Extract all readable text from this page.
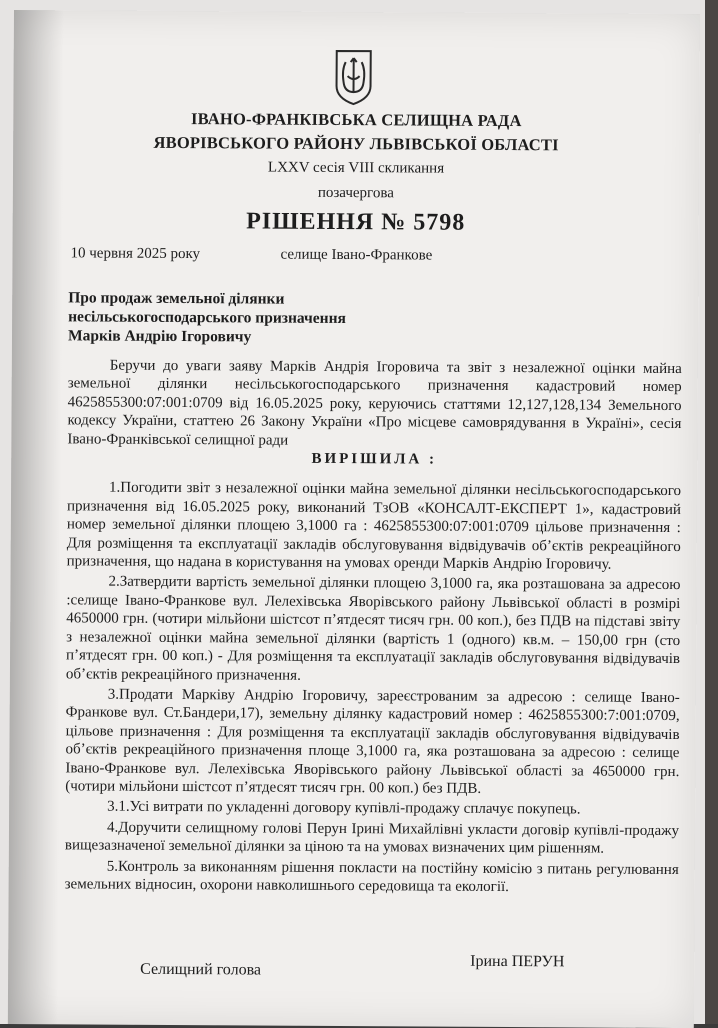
ІВАНО-ФРАНКІВСЬКА СЕЛИЩНА РАДА
ЯВОРІВСЬКОГО РАЙОНУ ЛЬВІВСЬКОЇ ОБЛАСТІ
LXXV сесія VIII скликання
позачергова
РІШЕННЯ № 5798
10 червня 2025 року	селище Івано-Франкове
Про продаж земельної ділянки
несільськогосподарського призначення
Марків Андрію Ігоровичу

Беручи до уваги заяву Марків Андрія Ігоровича та звіт з незалежної оцінки майна земельної ділянки несільськогосподарського призначення кадастровий номер 4625855300:07:001:0709 від 16.05.2025 року, керуючись статтями 12,127,128,134 Земельного кодексу України, статтею 26 Закону України «Про місцеве самоврядування в Україні», сесія Івано-Франківської селищної ради

ВИРІШИЛА :

1.Погодити звіт з незалежної оцінки майна земельної ділянки несільськогосподарського призначення від 16.05.2025 року, виконаний ТзОВ «КОНСАЛТ-ЕКСПЕРТ 1», кадастровий номер земельної ділянки площею 3,1000 га : 4625855300:07:001:0709 цільове призначення : Для розміщення та експлуатації закладів обслуговування відвідувачів об’єктів рекреаційного призначення, що надана в користування на умовах оренди Марків Андрію Ігоровичу.

2.Затвердити вартість земельної ділянки площею 3,1000 га, яка розташована за адресою :селище Івано-Франкове вул. Лелехівська Яворівського району Львівської області в розмірі 4650000 грн. (чотири мільйони шістсот п’ятдесят тисяч грн. 00 коп.), без ПДВ на підставі звіту з незалежної оцінки майна земельної ділянки (вартість 1 (одного) кв.м. – 150,00 грн (сто п’ятдесят грн. 00 коп.) - Для розміщення та експлуатації закладів обслуговування відвідувачів об’єктів рекреаційного призначення.

3.Продати Марківу Андрію Ігоровичу, зареєстрованим за адресою : селище Івано-Франкове вул. Ст.Бандери,17), земельну ділянку кадастровий номер : 4625855300:7:001:0709, цільове призначення : Для розміщення та експлуатації закладів обслуговування відвідувачів об’єктів рекреаційного призначення площе 3,1000 га, яка розташована за адресою : селище Івано-Франкове вул. Лелехівська Яворівського району Львівської області за 4650000 грн. (чотири мільйони шістсот п’ятдесят тисяч грн. 00 коп.) без ПДВ.

3.1.Усі витрати по укладенні договору купівлі-продажу сплачує покупець.

4.Доручити селищному голові Перун Ірині Михайлівні укласти договір купівлі-продажу вищезазначеної земельної ділянки за ціною та на умовах визначених цим рішенням.

5.Контроль за виконанням рішення покласти на постійну комісію з питань регулювання земельних відносин, охорони навколишнього середовища та екології.

Селищний голова	Ірина ПЕРУН
